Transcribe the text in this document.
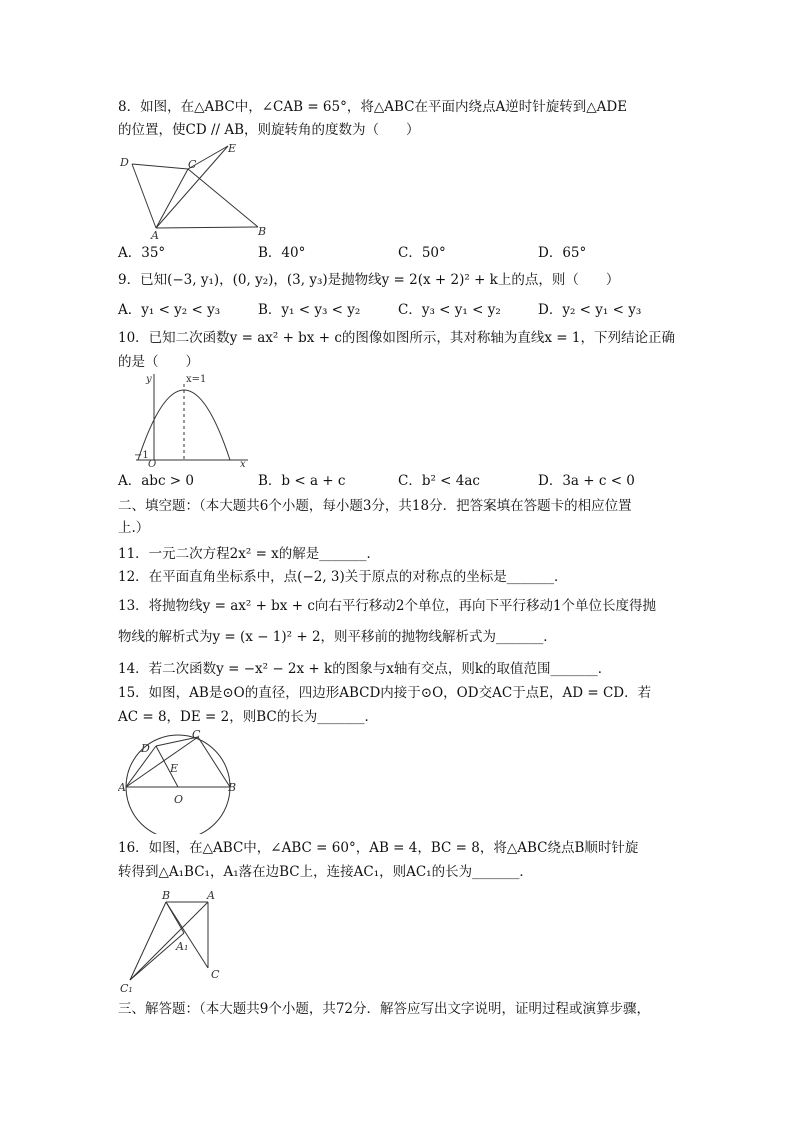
8．如图，在△ABC中，∠CAB = 65°，将△ABC在平面内绕点A逆时针旋转到△ADE
的位置，使CD // AB，则旋转角的度数为（　　）
D
E
C
A	B
A．35°	B．40°	C．50°	D．65°
9．已知(−3, y₁)，(0, y₂)，(3, y₃)是抛物线y = 2(x + 2)² + k上的点，则（　　）
A．y₁ < y₂ < y₃	B．y₁ < y₃ < y₂	C．y₃ < y₁ < y₂	D．y₂ < y₁ < y₃
10．已知二次函数y = ax² + bx + c的图像如图所示，其对称轴为直线x = 1，下列结论正确
的是（　　）
y	x=1
−1
O	x
A．abc > 0	B．b < a + c	C．b² < 4ac	D．3a + c < 0
二、填空题：（本大题共6个小题，每小题3分，共18分．把答案填在答题卡的相应位置
上.）
11．一元二次方程2x² = x的解是_______．
12．在平面直角坐标系中，点(−2, 3)关于原点的对称点的坐标是_______．
13．将抛物线y = ax² + bx + c向右平行移动2个单位，再向下平行移动1个单位长度得抛
物线的解析式为y = (x − 1)² + 2，则平移前的抛物线解析式为_______．
14．若二次函数y = −x² − 2x + k的图象与x轴有交点，则k的取值范围_______．
15．如图，AB是⊙O的直径，四边形ABCD内接于⊙O，OD交AC于点E，AD = CD．若
AC = 8，DE = 2，则BC的长为_______．
D
C
E
A
O
B
16．如图，在△ABC中，∠ABC = 60°，AB = 4，BC = 8，将△ABC绕点B顺时针旋
转得到△A₁BC₁，A₁落在边BC上，连接AC₁，则AC₁的长为_______．
B	A
A₁
C₁
C
三、解答题：（本大题共9个小题，共72分．解答应写出文字说明，证明过程或演算步骤，
